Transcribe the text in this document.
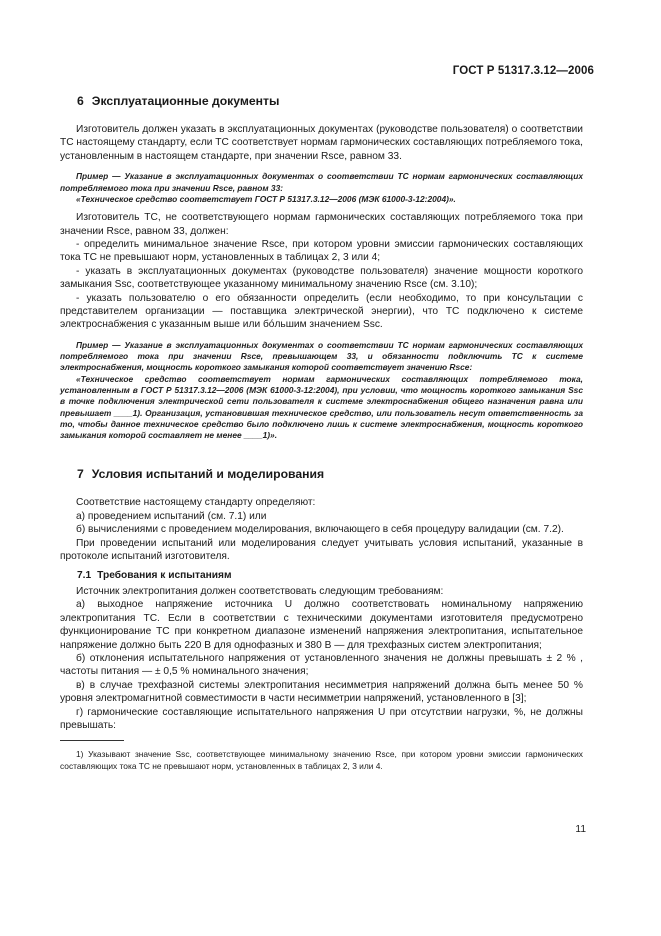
ГОСТ Р 51317.3.12—2006
6 Эксплуатационные документы

Изготовитель должен указать в эксплуатационных документах (руководстве пользователя) о соответствии ТС настоящему стандарту, если ТС соответствует нормам гармонических составляющих потребляемого тока, установленным в настоящем стандарте, при значении Rsce, равном 33.

Пример — Указание в эксплуатационных документах о соответствии ТС нормам гармонических составляющих потребляемого тока при значении Rsce, равном 33:

«Техническое средство соответствует ГОСТ Р 51317.3.12—2006 (МЭК 61000-3-12:2004)».

Изготовитель ТС, не соответствующего нормам гармонических составляющих потребляемого тока при значении Rsce, равном 33, должен:

- определить минимальное значение Rsce, при котором уровни эмиссии гармонических составляющих тока ТС не превышают норм, установленных в таблицах 2, 3 или 4;

- указать в эксплуатационных документах (руководстве пользователя) значение мощности короткого замыкания Ssc, соответствующее указанному минимальному значению Rsce (см. 3.10);

- указать пользователю о его обязанности определить (если необходимо, то при консультации с представителем организации — поставщика электрической энергии), что ТС подключено к системе электроснабжения с указанным выше или бо́льшим значением Ssc.

Пример — Указание в эксплуатационных документах о соответствии ТС нормам гармонических составляющих потребляемого тока при значении Rsce, превышающем 33, и обязанности подключить ТС к системе электроснабжения, мощность короткого замыкания которой соответствует значению Rsce:

«Техническое средство соответствует нормам гармонических составляющих потребляемого тока, установленным в ГОСТ Р 51317.3.12—2006 (МЭК 61000-3-12:2004), при условии, что мощность короткого замыкания Ssc в точке подключения электрической сети пользователя к системе электроснабжения общего назначения равна или превышает ____1). Организация, установившая техническое средство, или пользователь несут ответственность за то, чтобы данное техническое средство было подключено лишь к системе электроснабжения, мощность короткого замыкания которой составляет не менее ____1)».

7 Условия испытаний и моделирования

Соответствие настоящему стандарту определяют:

а) проведением испытаний (см. 7.1) или

б) вычислениями с проведением моделирования, включающего в себя процедуру валидации (см. 7.2).

При проведении испытаний или моделирования следует учитывать условия испытаний, указанные в протоколе испытаний изготовителя.

7.1 Требования к испытаниям

Источник электропитания должен соответствовать следующим требованиям:

а) выходное напряжение источника U должно соответствовать номинальному напряжению электропитания ТС. Если в соответствии с техническими документами изготовителя предусмотрено функционирование ТС при конкретном диапазоне изменений напряжения электропитания, испытательное напряжение должно быть 220 В для однофазных и 380 В — для трехфазных систем электропитания;

б) отклонения испытательного напряжения от установленного значения не должны превышать ± 2 % , частоты питания — ± 0,5 % номинального значения;

в) в случае трехфазной системы электропитания несимметрия напряжений должна быть менее 50 % уровня электромагнитной совместимости в части несимметрии напряжений, установленного в [3];

г) гармонические составляющие испытательного напряжения U при отсутствии нагрузки, %, не должны превышать:

1) Указывают значение Ssc, соответствующее минимальному значению Rsce, при котором уровни эмиссии гармонических составляющих тока ТС не превышают норм, установленных в таблицах 2, 3 или 4.

11
